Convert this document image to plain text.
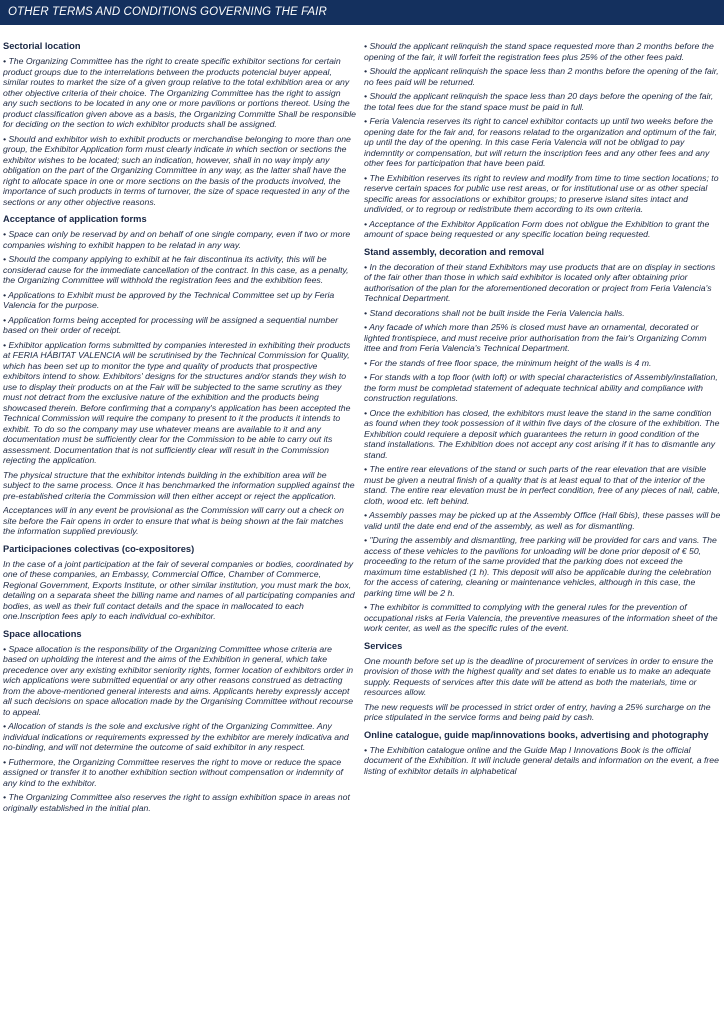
OTHER TERMS AND CONDITIONS GOVERNING THE FAIR
Sectorial location

• The Organizing Committee has the right to create specific exhibitor sections for certain product groups due to the interrelations between the products potencial buyer appeal, similar routes to market the size of a given group relative to the total exhibition area or any other objective criteria of their choice. The Organizing Committee has the right to assign any such sections to be located in any one or more pavilions or portions thereot. Using the product classification given above as a basis, the Organizing Committe Shall be responsible for deciding on the section to wich exhibitor products shall be assigned.

• Should and exhibitor wish to exhibit products or merchandise belonging to more than one group, the Exhibitor Application form must clearly indicate in which section or sections the exhibitor wishes to be located; such an indication, however, shall in no way imply any obligation on the part of the Organizing Committee in any way, as the latter shall have the right to allocate space in one or more sections on the basis of the products involved, the importance of such products in terms of turnover, the size of space requested in any of the sections or any other objective reasons.

Acceptance of application forms

• Space can only be reservad by and on behalf of one single company, even if two or more companies wishing to exhibit happen to be relatad in any way.

• Should the company applying to exhibit at he fair discontinua its activity, this will be considerad cause for the immediate cancellation of the contract. In this case, as a penalty, the Organizing Committee will withhold the registration fees and the exhibition fees.

• Applications to Exhibit must be approved by the Technical Committee set up by Feria Valencia for the purpose.

• Application forms being accepted for processing will be assigned a sequential number based on their order of receipt.

• Exhibitor application forms submitted by companies interested in exhibiting their products at FERIA HÁBITAT VALENCIA will be scrutinised by the Technical Commission for Quality, which has been set up to monitor the type and quality of products that prospective exhibitors intend to show. Exhibitors' designs for the structures and/or stands they wish to use to display their products on at the Fair will be subjected to the same scrutiny as they must not detract from the exclusive nature of the exhibition and the products being showcased therein. Before confirming that a company's application has been accepted the Technical Commission will require the company to present to it the products it intends to exhibit. To do so the company may use whatever means are available to it and any documentation must be sufficiently clear for the Commission to be able to carry out its assessment. Documentation that is not sufficiently clear will result in the Commission rejecting the application.

The physical structure that the exhibitor intends building in the exhibition area will be subject to the same process. Once it has benchmarked the information supplied against the pre-established criteria the Commission will then either accept or reject the application.

Acceptances will in any event be provisional as the Commission will carry out a check on site before the Fair opens in order to ensure that what is being shown at the fair matches the information supplied previously.

Participaciones colectivas (co-expositores)

In the case of a joint participation at the fair of several companies or bodies, coordinated by one of these companies, an Embassy, Commercial Office, Chamber of Commerce, Regional Government, Exports Institute, or other similar institution, you must mark the box, detailing on a separata sheet the billing name and names of all participating companies and bodies, as well as their full contact details and the space in mallocated to each one.Inscription fees aply to each individual co-exhibitor.

Space allocations

• Space allocation is the responsibility of the Organizing Committee whose criteria are based on upholding the interest and the aims of the Exhibition in general, which take precedence over any existing exhibitor seniority rights, former location of exhibitors order in wich applications were submitted equential or any other reasons construed as detracting from the above-mentioned general interests and aims. Applicants hereby expressly accept all such decisions on space allocation made by the Organising Committee without recourse to appeal.

• Allocation of stands is the sole and exclusive right of the Organizing Committee. Any individual indications or requirements expressed by the exhibitor are merely indicativa and no-binding, and will not determine the outcome of said exhibitor in any respect.

• Futhermore, the Organizing Committee reserves the right to move or reduce the space assigned or transfer it to another exhibition section without compensation or indemnity of any kind to the exhibitor.

• The Organizing Committee also reserves the right to assign exhibition space in areas not originally established in the initial plan.

• Should the applicant relinquish the stand space requested more than 2 months before the opening of the fair, it will forfeit the registration fees plus 25% of the other fees paid.

• Should the applicant relinquish the space less than 2 months before the opening of the fair, no fees paid will be returned.

• Should the applicant relinquish the space less than 20 days before the opening of the fair, the total fees due for the stand space must be paid in full.

• Feria Valencia reserves its right to cancel exhibitor contacts up until two weeks before the opening date for the fair and, for reasons relatad to the organization and optimum of the fair, up until the day of the opening. In this case Feria Valencia will not be obligad to pay indemntity or compensation, but will return the inscription fees and any other fees and any other fees for participation that have been paid.

• The Exhibition reserves its right to review and modify from time to time section locations; to reserve certain spaces for public use rest areas, or for institutional use or as other special specific areas for associations or exhibitor groups; to preserve island sites intact and undivided, or to regroup or redistribute them according to its own criteria.

• Acceptance of the Exhibitor Application Form does not obligue the Exhibition to grant the amount of space being requested or any specific location being requested.

Stand assembly, decoration and removal

• In the decoration of their stand Exhibitors may use products that are on display in sections of the fair other than those in which said exhibitor is located only after obtaining prior authorisation of the plan for the aforementioned decoration or project from Feria Valencia's Technical Department.

• Stand decorations shall not be built inside the Feria Valencia halls.

• Any facade of which more than 25% is closed must have an ornamental, decorated or lighted frontispiece, and must receive prior authorisation from the fair's Organizing Comm ittee and from Feria Valencia's Technical Department.

• For the stands of free floor space, the minimum height of the walls is 4 m.

• For stands with a top floor (with loft) or with special characteristics of Assembly/installation, the form must be completad statement of adequate technical ability and compliance with construction regulations.

• Once the exhibition has closed, the exhibitors must leave the stand in the same condition as found when they took possession of it within five days of the closure of the exhibition. The Exhibition could requiere a deposit which guarantees the return in good condition of the stand installations. The Exhibition does not accept any cost arising if it has to dismantle any stand.

• The entire rear elevations of the stand or such parts of the rear elevation that are visible must be given a neutral finish of a quality that is at least equal to that of the interior of the stand. The entire rear elevation must be in perfect condition, free of any pieces of nail, cable, cloth, wood etc. left behind.

• Assembly passes may be picked up at the Assembly Office (Hall 6bis), these passes will be valid until the date end end of the assembly, as well as for dismantling.

• "During the assembly and dismantling, free parking will be provided for cars and vans. The access of these vehicles to the pavilions for unloading will be done prior deposit of € 50, proceeding to the return of the same provided that the parking does not exceed the maximum time established (1 h). This deposit will also be applicable during the celebration for the access of catering, cleaning or maintenance vehicles, although in this case, the parking time will be 2 h.

• The exhibitor is committed to complying with the general rules for the prevention of occupational risks at Feria Valencia, the preventive measures of the information sheet of the work center, as well as the specific rules of the event.

Services

One mounth before set up is the deadline of procurement of services in order to ensure the provision of those with the highest quality and set dates to enable us to make an adequate supply. Requests of services after this date will be attend as both the materials, time or resources allow.

The new requests will be processed in strict order of entry, having a 25% surcharge on the price stipulated in the service forms and being paid by cash.

Online catalogue, guide map/innovations books, advertising and photography

• The Exhibition catalogue online and the Guide Map I Innovations Book is the official document of the Exhibition. It will include general details and information on the event, a free listing of exhibitor details in alphabetical
